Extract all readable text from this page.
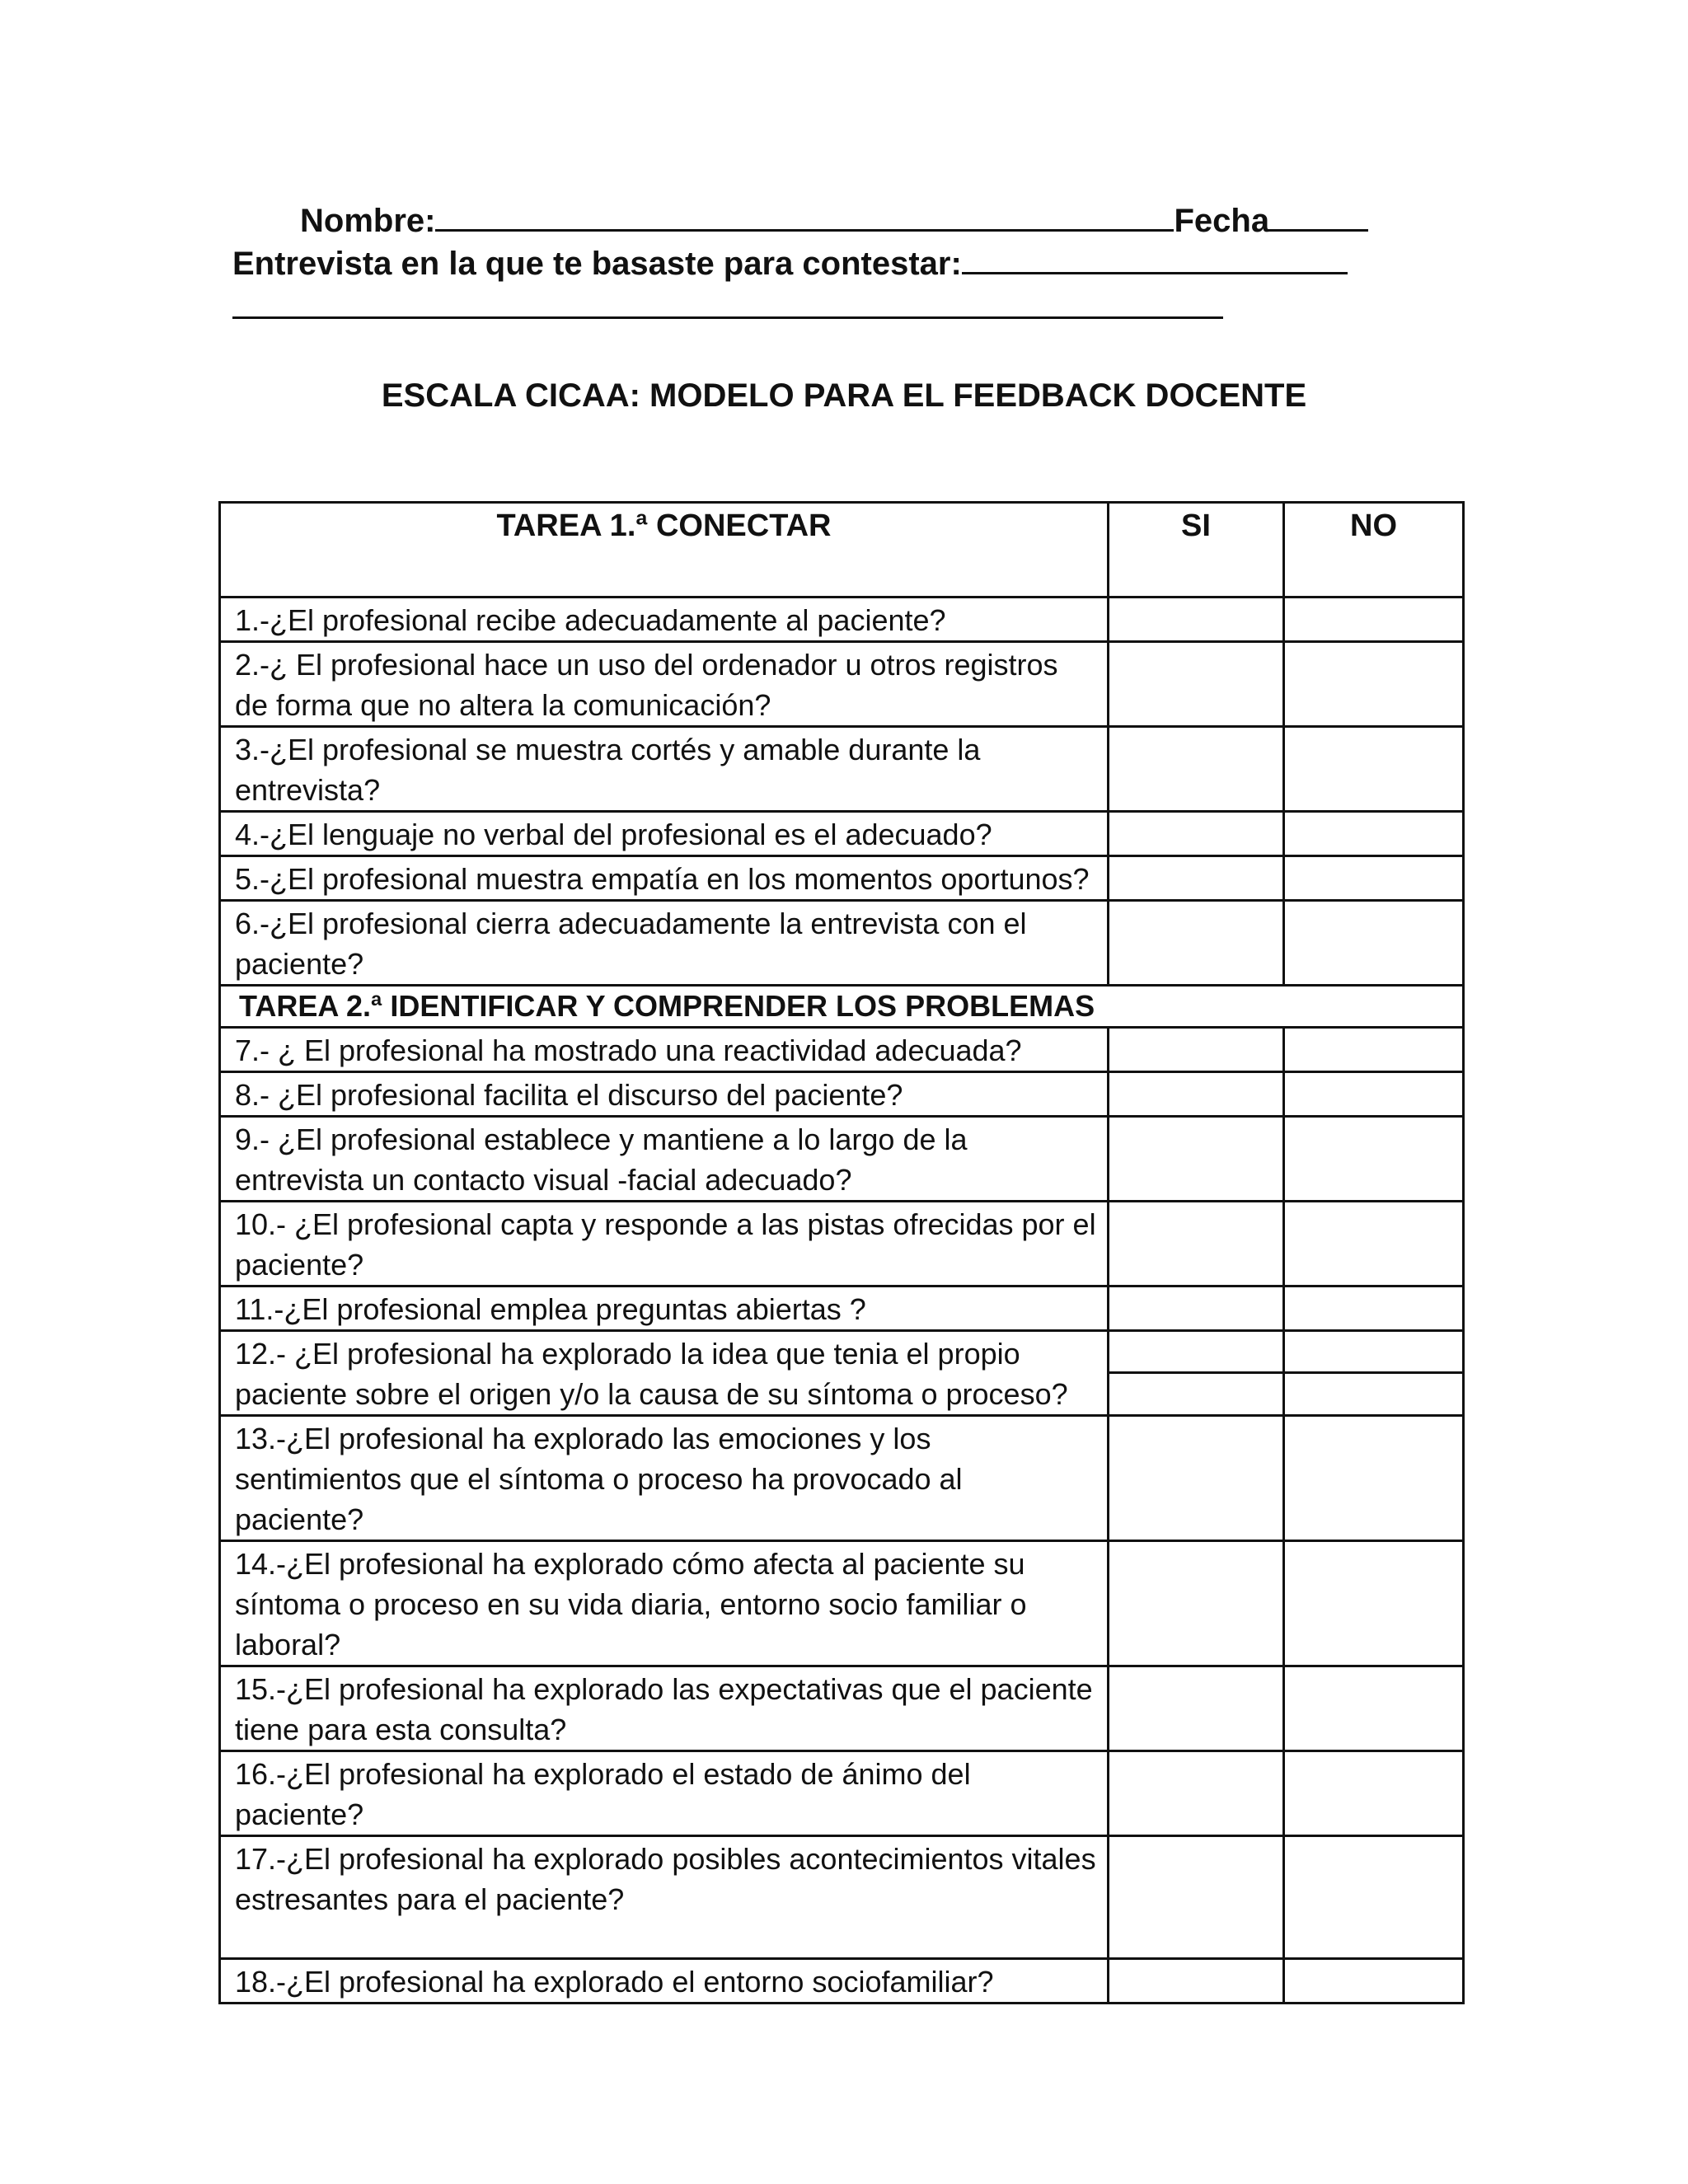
Nombre:	Fecha
Entrevista en la que te basaste para contestar:
ESCALA CICAA: MODELO PARA EL FEEDBACK DOCENTE
TAREA 1.ª CONECTAR	SI	NO
1.-¿El profesional recibe adecuadamente al paciente?		
2.-¿ El profesional hace un uso del ordenador u otros registros de forma que no altera la comunicación?		
3.-¿El profesional se muestra cortés y amable durante la entrevista?		
4.-¿El lenguaje no verbal del profesional es el adecuado?		
5.-¿El profesional muestra empatía en los momentos oportunos?		
6.-¿El profesional cierra adecuadamente la entrevista con el paciente?		
TAREA 2.ª IDENTIFICAR Y COMPRENDER LOS PROBLEMAS		
7.- ¿ El profesional ha mostrado una reactividad adecuada?		
8.- ¿El profesional facilita el discurso del paciente?		
9.- ¿El profesional establece y mantiene a lo largo de la entrevista un contacto visual -facial adecuado?		
10.- ¿El profesional capta y responde a las pistas ofrecidas por el paciente?		
11.-¿El profesional emplea preguntas abiertas ?		
12.- ¿El profesional ha explorado la idea que tenia el propio paciente sobre el origen y/o la causa de su síntoma o proceso?		

13.-¿El profesional ha explorado las emociones y los sentimientos que el síntoma o proceso ha provocado al paciente?		
14.-¿El profesional ha explorado cómo afecta al paciente su síntoma o proceso en su vida diaria, entorno socio familiar o laboral?		
15.-¿El profesional ha explorado las expectativas que el paciente tiene para esta consulta?		
16.-¿El profesional ha explorado el estado de ánimo del paciente?		
17.-¿El profesional ha explorado posibles acontecimientos vitales estresantes para el paciente?		
18.-¿El profesional ha explorado el entorno sociofamiliar?		
